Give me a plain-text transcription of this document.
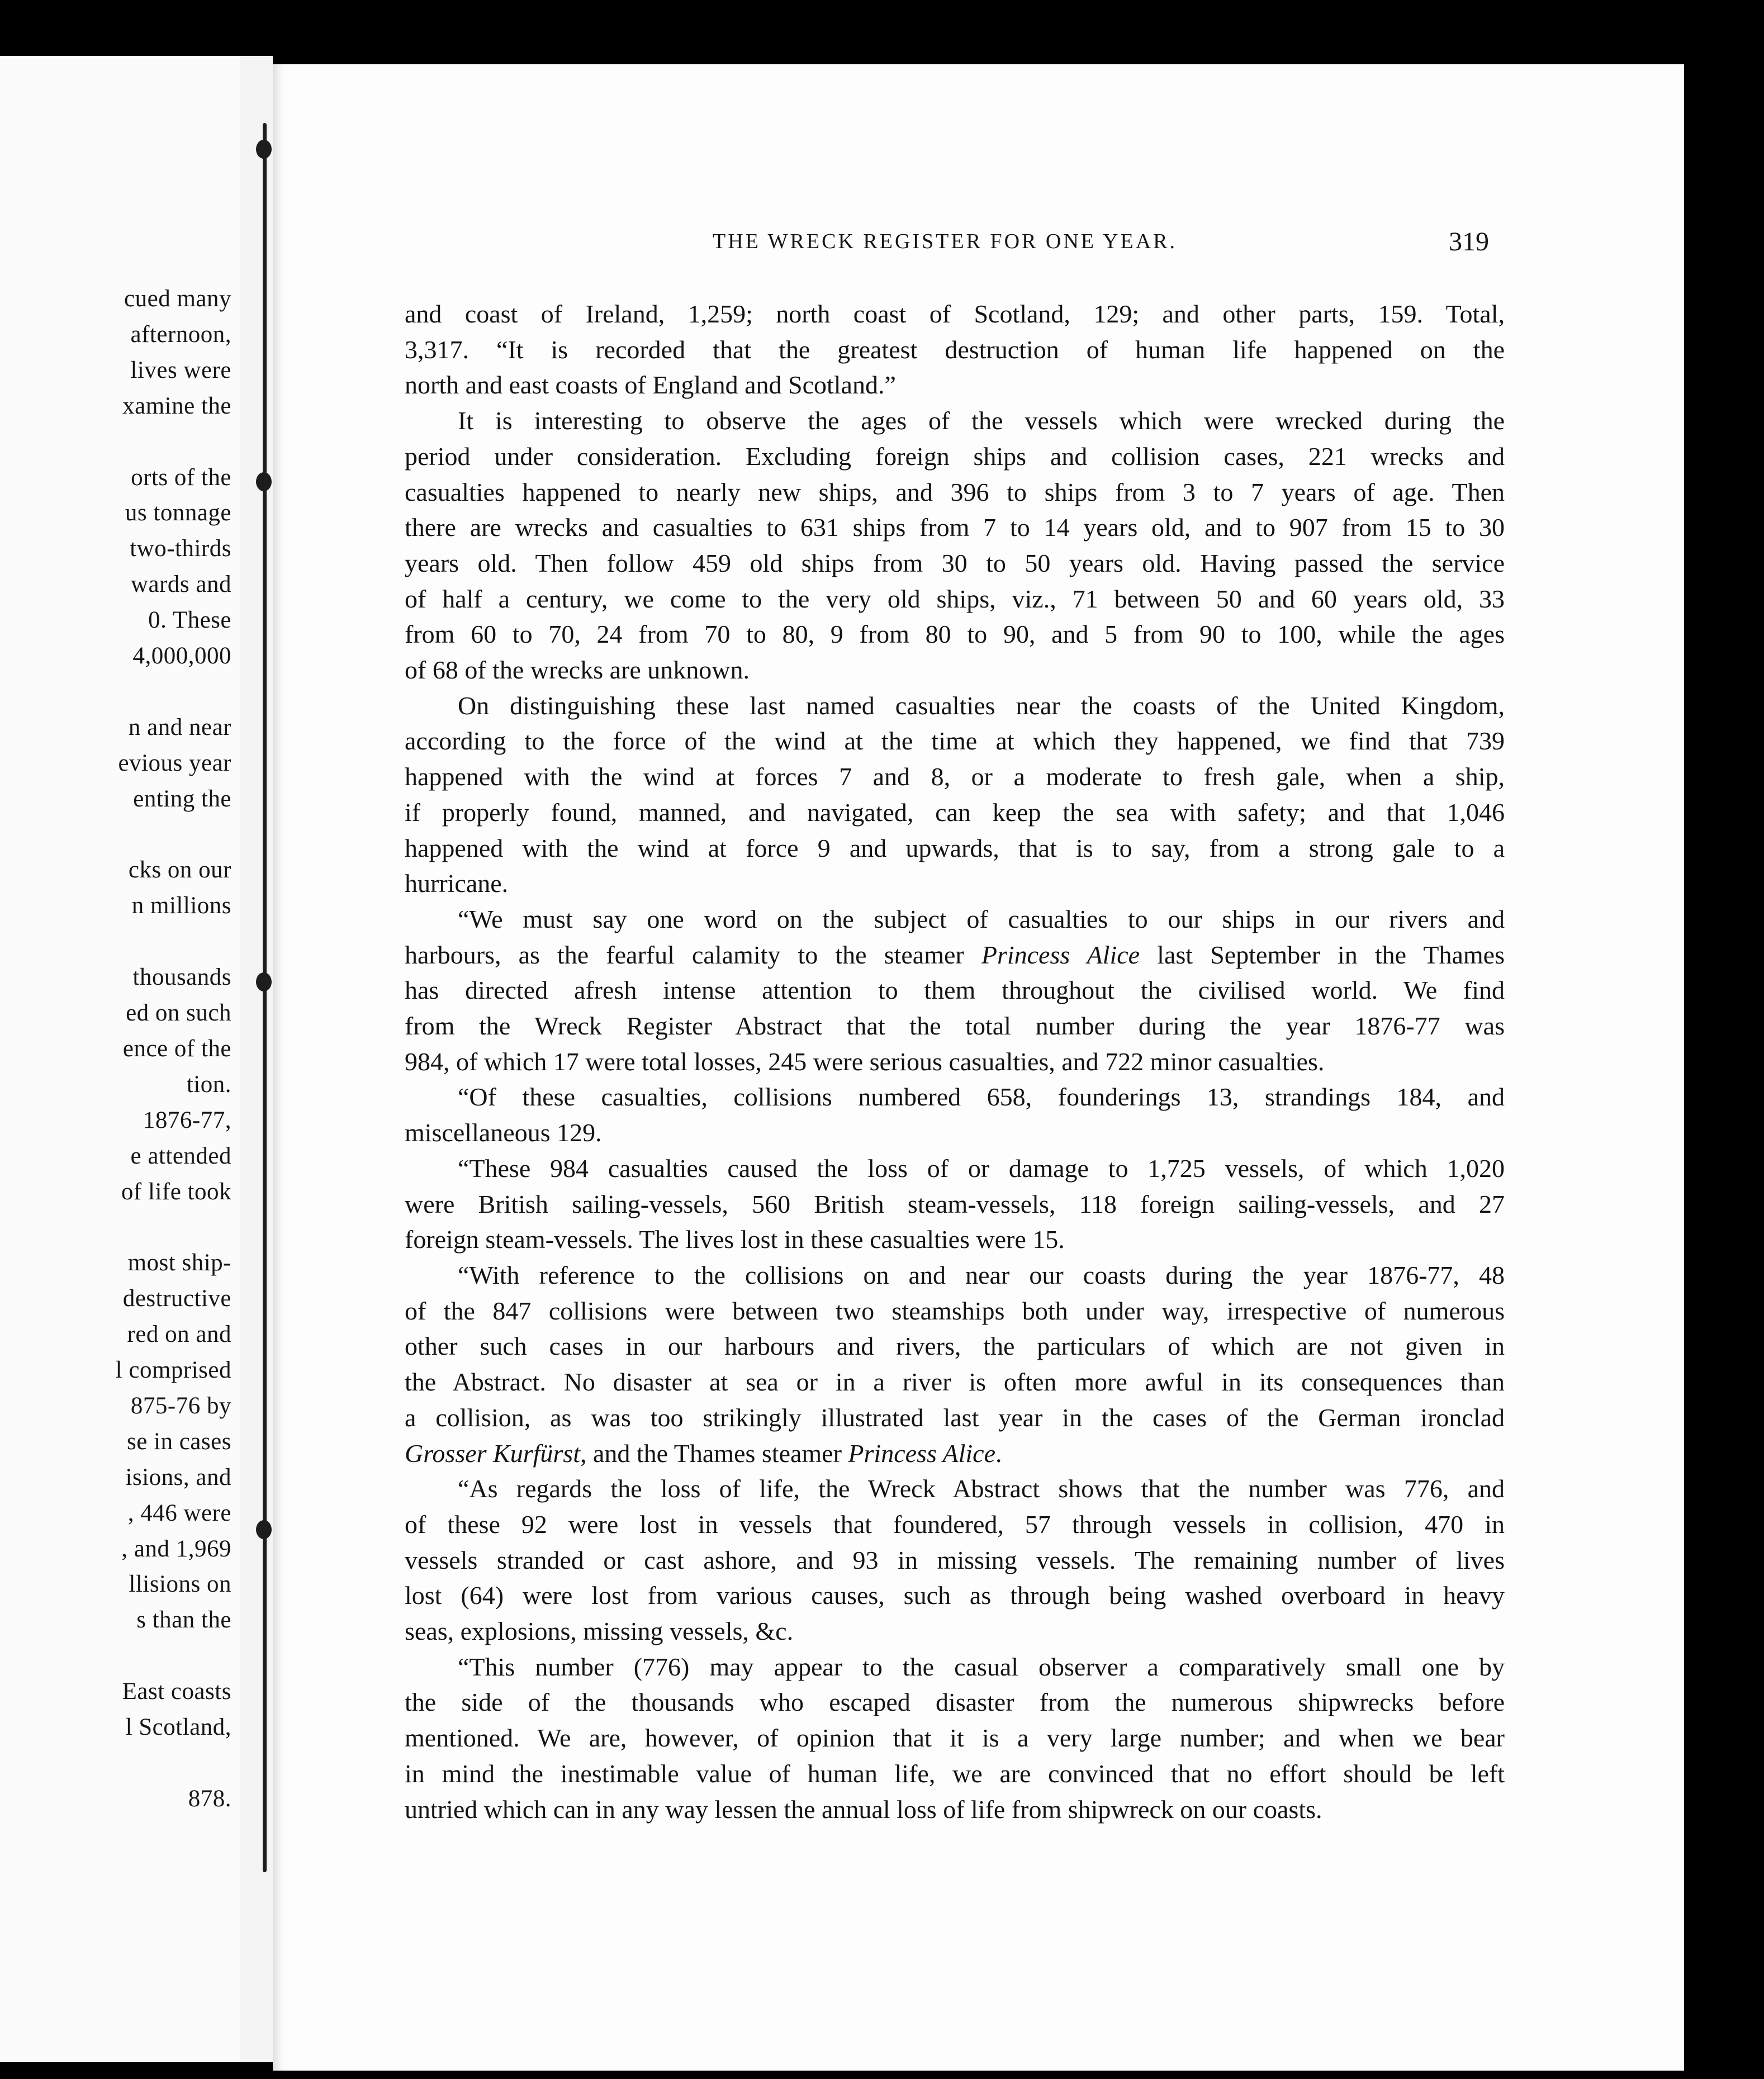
cued many
afternoon,
lives were
xamine the
orts of the
us tonnage
two-thirds
wards and
0. These
4,000,000
n and near
evious year
enting the
cks on our
n millions
thousands
ed on such
ence of the
tion.
1876-77,
e attended
of life took
most ship-
destructive
red on and
l comprised
875-76 by
se in cases
isions, and
, 446 were
, and 1,969
llisions on
s than the
East coasts
l Scotland,
878.
THE WRECK REGISTER FOR ONE YEAR.	319
and coast of Ireland, 1,259; north coast of Scotland, 129; and other parts, 159. Total,
3,317. “It is recorded that the greatest destruction of human life happened on the
north and east coasts of England and Scotland.”
It is interesting to observe the ages of the vessels which were wrecked during the
period under consideration. Excluding foreign ships and collision cases, 221 wrecks and
casualties happened to nearly new ships, and 396 to ships from 3 to 7 years of age. Then
there are wrecks and casualties to 631 ships from 7 to 14 years old, and to 907 from 15 to 30
years old. Then follow 459 old ships from 30 to 50 years old. Having passed the service
of half a century, we come to the very old ships, viz., 71 between 50 and 60 years old, 33
from 60 to 70, 24 from 70 to 80, 9 from 80 to 90, and 5 from 90 to 100, while the ages
of 68 of the wrecks are unknown.
On distinguishing these last named casualties near the coasts of the United Kingdom,
according to the force of the wind at the time at which they happened, we find that 739
happened with the wind at forces 7 and 8, or a moderate to fresh gale, when a ship,
if properly found, manned, and navigated, can keep the sea with safety; and that 1,046
happened with the wind at force 9 and upwards, that is to say, from a strong gale to a
hurricane.
“We must say one word on the subject of casualties to our ships in our rivers and
harbours, as the fearful calamity to the steamer Princess Alice last September in the Thames
has directed afresh intense attention to them throughout the civilised world. We find
from the Wreck Register Abstract that the total number during the year 1876-77 was
984, of which 17 were total losses, 245 were serious casualties, and 722 minor casualties.
“Of these casualties, collisions numbered 658, founderings 13, strandings 184, and
miscellaneous 129.
“These 984 casualties caused the loss of or damage to 1,725 vessels, of which 1,020
were British sailing-vessels, 560 British steam-vessels, 118 foreign sailing-vessels, and 27
foreign steam-vessels. The lives lost in these casualties were 15.
“With reference to the collisions on and near our coasts during the year 1876-77, 48
of the 847 collisions were between two steamships both under way, irrespective of numerous
other such cases in our harbours and rivers, the particulars of which are not given in
the Abstract. No disaster at sea or in a river is often more awful in its consequences than
a collision, as was too strikingly illustrated last year in the cases of the German ironclad
Grosser Kurfürst, and the Thames steamer Princess Alice.
“As regards the loss of life, the Wreck Abstract shows that the number was 776, and
of these 92 were lost in vessels that foundered, 57 through vessels in collision, 470 in
vessels stranded or cast ashore, and 93 in missing vessels. The remaining number of lives
lost (64) were lost from various causes, such as through being washed overboard in heavy
seas, explosions, missing vessels, &c.
“This number (776) may appear to the casual observer a comparatively small one by
the side of the thousands who escaped disaster from the numerous shipwrecks before
mentioned. We are, however, of opinion that it is a very large number; and when we bear
in mind the inestimable value of human life, we are convinced that no effort should be left
untried which can in any way lessen the annual loss of life from shipwreck on our coasts.
